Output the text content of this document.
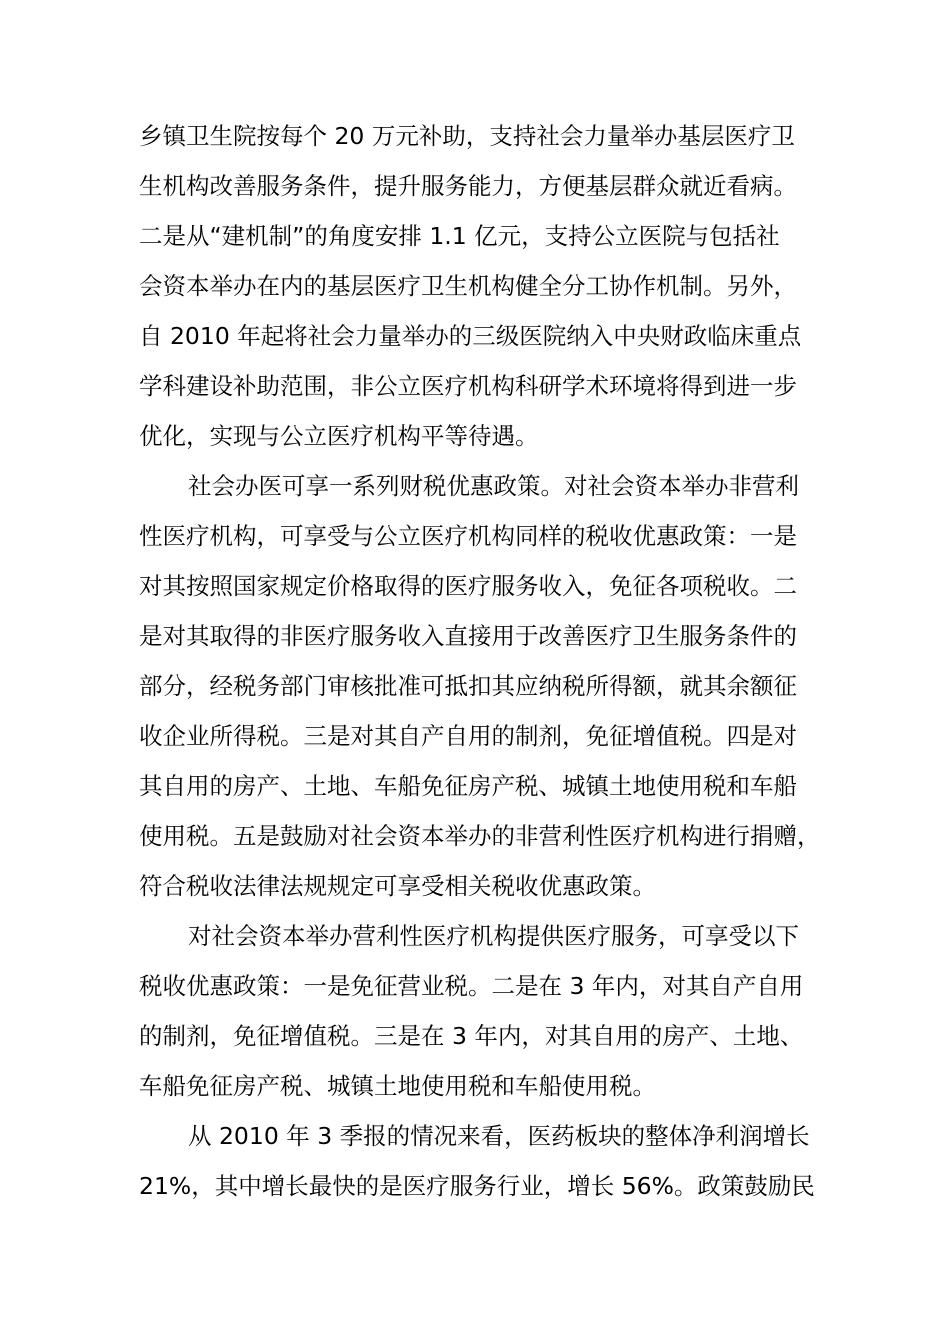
乡镇卫生院按每个 20 万元补助，支持社会力量举办基层医疗卫
生机构改善服务条件，提升服务能力，方便基层群众就近看病。
二是从“建机制”的角度安排 1.1 亿元，支持公立医院与包括社
会资本举办在内的基层医疗卫生机构健全分工协作机制。另外，
自 2010 年起将社会力量举办的三级医院纳入中央财政临床重点
学科建设补助范围，非公立医疗机构科研学术环境将得到进一步
优化，实现与公立医疗机构平等待遇。
社会办医可享一系列财税优惠政策。对社会资本举办非营利
性医疗机构，可享受与公立医疗机构同样的税收优惠政策：一是
对其按照国家规定价格取得的医疗服务收入，免征各项税收。二
是对其取得的非医疗服务收入直接用于改善医疗卫生服务条件的
部分，经税务部门审核批准可抵扣其应纳税所得额，就其余额征
收企业所得税。三是对其自产自用的制剂，免征增值税。四是对
其自用的房产、土地、车船免征房产税、城镇土地使用税和车船
使用税。五是鼓励对社会资本举办的非营利性医疗机构进行捐赠，
符合税收法律法规规定可享受相关税收优惠政策。
对社会资本举办营利性医疗机构提供医疗服务，可享受以下
税收优惠政策：一是免征营业税。二是在 3 年内，对其自产自用
的制剂，免征增值税。三是在 3 年内，对其自用的房产、土地、
车船免征房产税、城镇土地使用税和车船使用税。
从 2010 年 3 季报的情况来看，医药板块的整体净利润增长
21%，其中增长最快的是医疗服务行业，增长 56%。政策鼓励民
